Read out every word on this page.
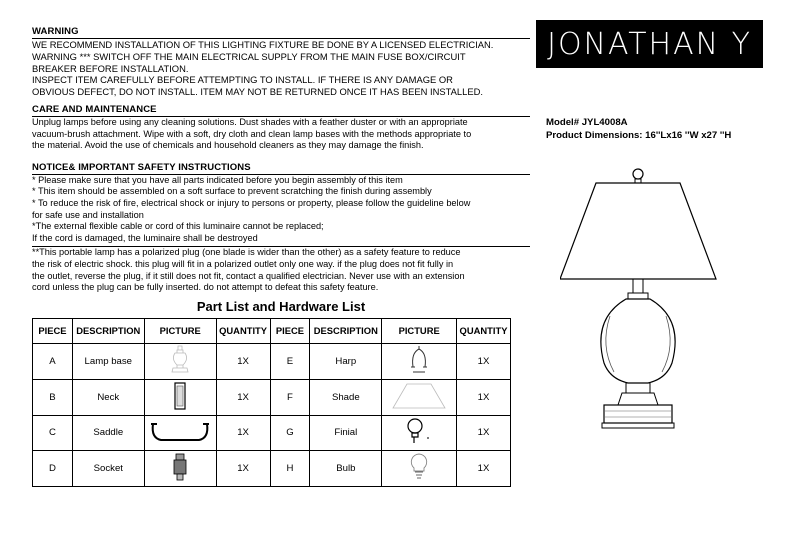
WARNING
WE RECOMMEND INSTALLATION OF THIS LIGHTING FIXTURE BE DONE BY A LICENSED ELECTRICIAN.
WARNING *** SWITCH OFF THE MAIN ELECTRICAL SUPPLY FROM THE MAIN FUSE BOX/CIRCUIT
BREAKER BEFORE INSTALLATION.
INSPECT ITEM CAREFULLY BEFORE ATTEMPTING TO INSTALL. IF THERE IS ANY DAMAGE OR
OBVIOUS DEFECT, DO NOT INSTALL. ITEM MAY NOT BE RETURNED ONCE IT HAS BEEN INSTALLED.
CARE AND MAINTENANCE
Unplug lamps before using any cleaning solutions. Dust shades with a feather duster or with an appropriate
vacuum-brush attachment. Wipe with a soft, dry cloth and clean lamp bases with the methods appropriate to
the material. Avoid the use of chemicals and household cleaners as they may damage the finish.
NOTICE& IMPORTANT SAFETY INSTRUCTIONS
* Please make sure that you have all parts indicated before you begin assembly of this item
* This item should be assembled on a soft surface to prevent scratching the finish during assembly
* To reduce the risk of fire, electrical shock or injury to persons or property, please follow the guideline below
for safe use and installation
*The external flexible cable or cord of this luminaire cannot be replaced;
If the cord is damaged, the luminaire shall be destroyed
**This portable lamp has a polarized plug (one blade is wider than the other) as a safety feature to reduce
the risk of electric shock. this plug will fit in a polarized outlet only one way. if the plug does not fit fully in
the outlet, reverse the plug, if it still does not fit, contact a qualified electrician. Never use with an extension
cord unless the plug can be fully inserted. do not attempt to defeat this safety feature.
Part List and Hardware List
PIECE	DESCRIPTION	PICTURE	QUANTITY	PIECE	DESCRIPTION	PICTURE	QUANTITY
A	Lamp base		1X	E	Harp		1X
B	Neck		1X	F	Shade		1X
C	Saddle		1X	G	Finial		1X
D	Socket		1X	H	Bulb		1X
JONATHAN Y
Model# JYL4008A
Product Dimensions: 16''Lx16 ''W x27 ''H
